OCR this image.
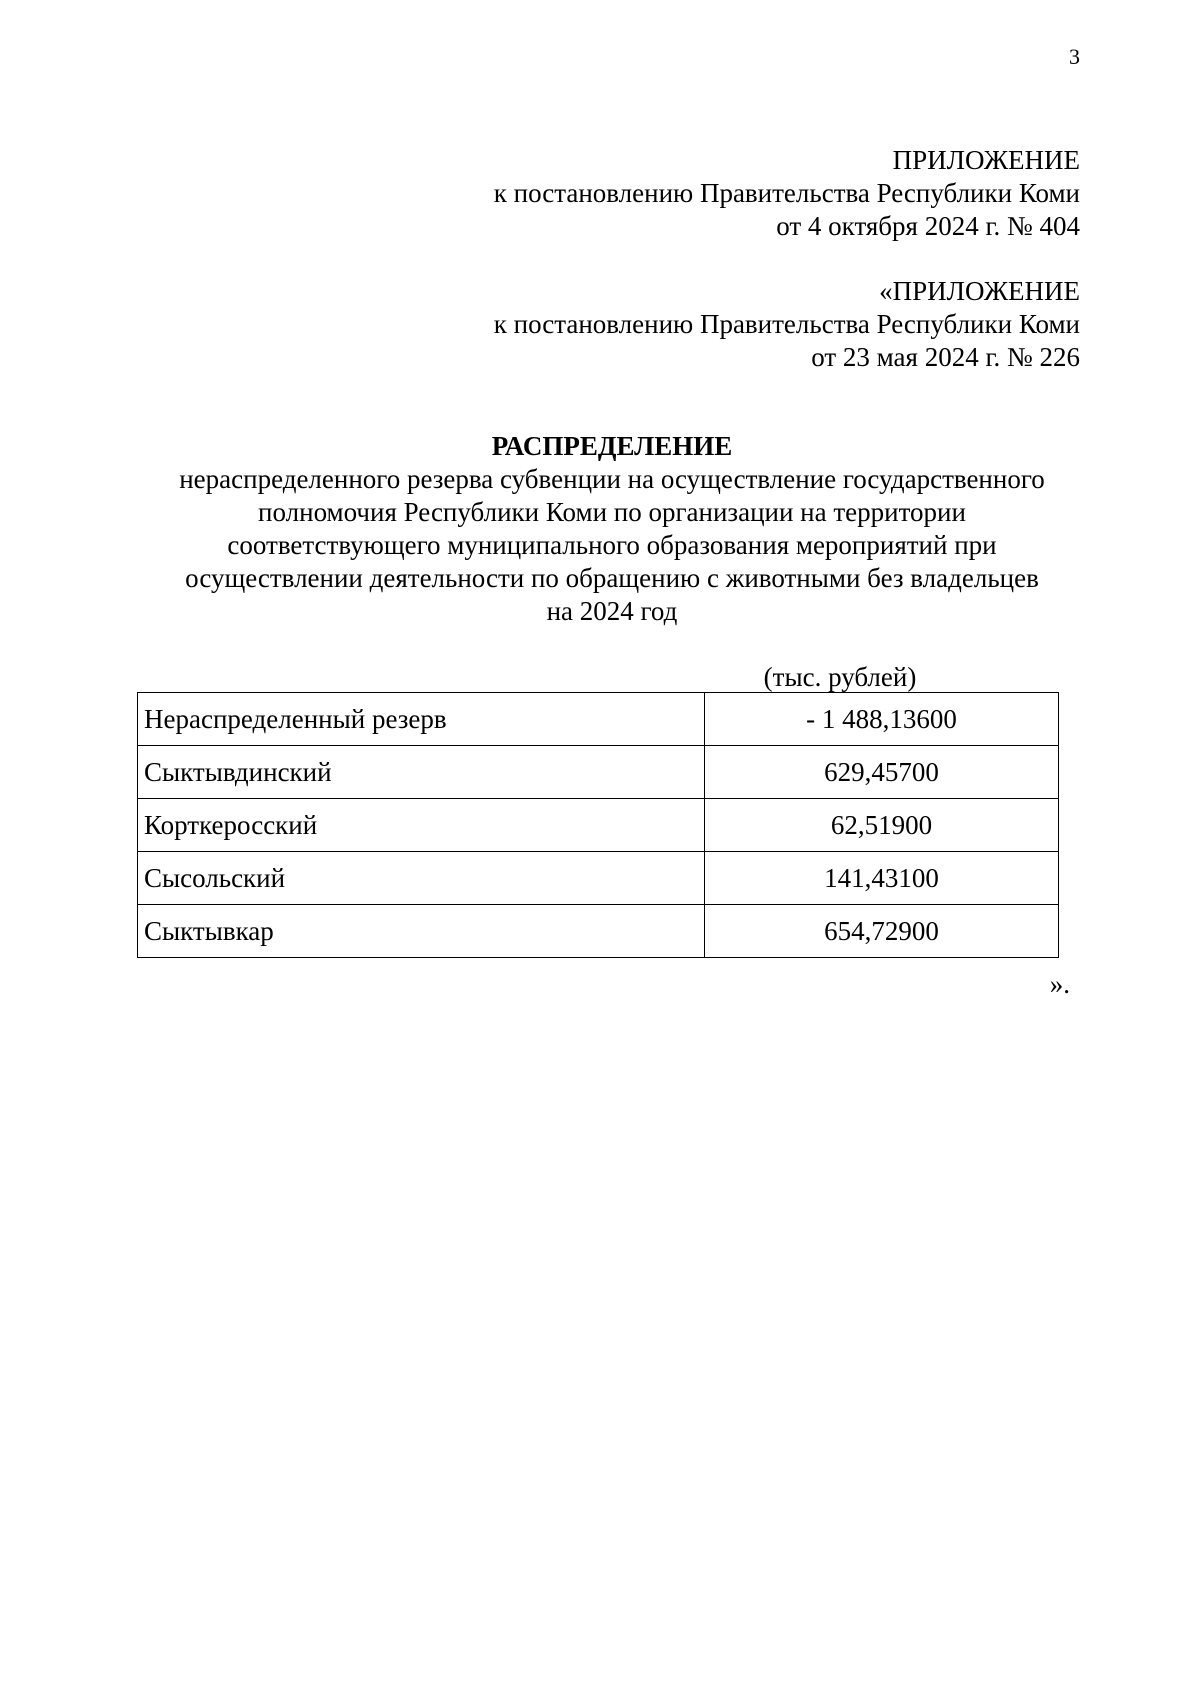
3
ПРИЛОЖЕНИЕ
к постановлению Правительства Республики Коми
от 4 октября 2024 г. № 404
«ПРИЛОЖЕНИЕ
к постановлению Правительства Республики Коми
от 23 мая 2024 г. № 226
РАСПРЕДЕЛЕНИЕ
нераспределенного резерва субвенции на осуществление государственного
полномочия Республики Коми по организации на территории
соответствующего муниципального образования мероприятий при
осуществлении деятельности по обращению с животными без владельцев
на 2024 год
(тыс. рублей)
Нераспределенный резерв	- 1 488,13600
Сыктывдинский	629,45700
Корткеросский	62,51900
Сысольский	141,43100
Сыктывкар	654,72900
».
